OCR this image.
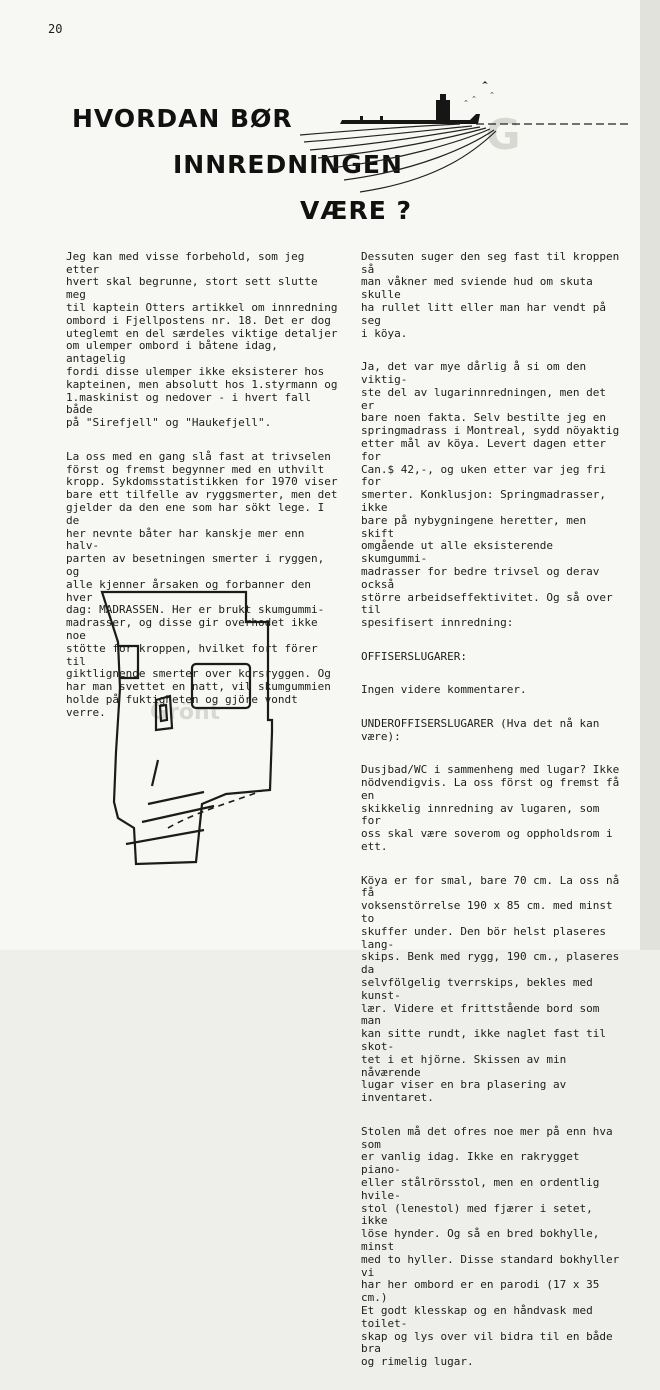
20
G
Grönt
HVORDAN BØR
INNREDNINGEN
VÆRE ?

Jeg kan med visse forbehold, som jeg etter
hvert skal begrunne, stort sett slutte meg
til kaptein Otters artikkel om innredning
ombord i Fjellpostens nr. 18. Det er dog
uteglemt en del særdeles viktige detaljer
om ulemper ombord i båtene idag, antagelig
fordi disse ulemper ikke eksisterer hos
kapteinen, men absolutt hos 1.styrmann og
1.maskinist og nedover - i hvert fall både
på "Sirefjell" og "Haukefjell".

La oss med en gang slå fast at trivselen
först og fremst begynner med en uthvilt
kropp. Sykdomsstatistikken for 1970 viser
bare ett tilfelle av ryggsmerter, men det
gjelder da den ene som har sökt lege. I de
her nevnte båter har kanskje mer enn halv-
parten av besetningen smerter i ryggen, og
alle kjenner årsaken og forbanner den hver
dag: MADRASSEN. Her er brukt skumgummi-
madrasser, og disse gir overhodet ikke noe
stötte for kroppen, hvilket fort förer til
giktlignende smerter over korsryggen. Og
har man svettet en natt, vil skumgummien
holde på fuktigheten og gjöre vondt verre.

Dessuten suger den seg fast til kroppen så
man våkner med sviende hud om skuta skulle
ha rullet litt eller man har vendt på seg
i köya.

Ja, det var mye dårlig å si om den viktig-
ste del av lugarinnredningen, men det er
bare noen fakta. Selv bestilte jeg en
springmadrass i Montreal, sydd nöyaktig
etter mål av köya. Levert dagen etter for
Can.$ 42,-, og uken etter var jeg fri for
smerter. Konklusjon: Springmadrasser, ikke
bare på nybygningene heretter, men skift
omgående ut alle eksisterende skumgummi-
madrasser for bedre trivsel og derav också
större arbeidseffektivitet. Og så over til
spesifisert innredning:

OFFISERSLUGARER:

Ingen videre kommentarer.

UNDEROFFISERSLUGARER (Hva det nå kan være):

Dusjbad/WC i sammenheng med lugar? Ikke
nödvendigvis. La oss först og fremst få en
skikkelig innredning av lugaren, som for
oss skal være soverom og oppholdsrom i ett.

Köya er for smal, bare 70 cm. La oss nå få
voksenstörrelse 190 x 85 cm. med minst to
skuffer under. Den bör helst plaseres lang-
skips. Benk med rygg, 190 cm., plaseres da
selvfölgelig tverrskips, bekles med kunst-
lær. Videre et frittstående bord som man
kan sitte rundt, ikke naglet fast til skot-
tet i et hjörne. Skissen av min nåværende
lugar viser en bra plasering av inventaret.

Stolen må det ofres noe mer på enn hva som
er vanlig idag. Ikke en rakrygget piano-
eller stålrörsstol, men en ordentlig hvile-
stol (lenestol) med fjærer i setet, ikke
löse hynder. Og så en bred bokhylle, minst
med to hyller. Disse standard bokhyller vi
har her ombord er en parodi (17 x 35 cm.)
Et godt klesskap og en håndvask med toilet-
skap og lys over vil bidra til en både bra
og rimelig lugar.
